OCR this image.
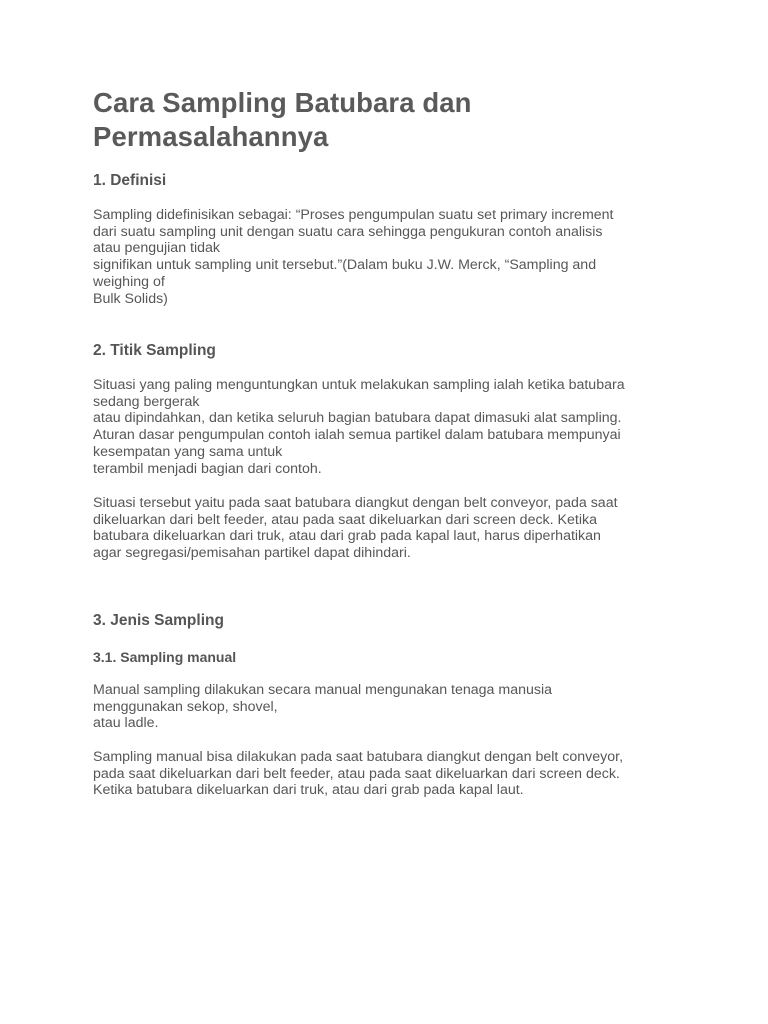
Cara Sampling Batubara dan
Permasalahannya
1. Definisi

Sampling didefinisikan sebagai: “Proses pengumpulan suatu set primary increment
dari suatu sampling unit dengan suatu cara sehingga pengukuran contoh analisis
atau pengujian tidak
signifikan untuk sampling unit tersebut.”(Dalam buku J.W. Merck, “Sampling and
weighing of
Bulk Solids)

2. Titik Sampling

Situasi yang paling menguntungkan untuk melakukan sampling ialah ketika batubara
sedang bergerak
atau dipindahkan, dan ketika seluruh bagian batubara dapat dimasuki alat sampling.
Aturan dasar pengumpulan contoh ialah semua partikel dalam batubara mempunyai
kesempatan yang sama untuk
terambil menjadi bagian dari contoh.

Situasi tersebut yaitu pada saat batubara diangkut dengan belt conveyor, pada saat
dikeluarkan dari belt feeder, atau pada saat dikeluarkan dari screen deck. Ketika
batubara dikeluarkan dari truk, atau dari grab pada kapal laut, harus diperhatikan
agar segregasi/pemisahan partikel dapat dihindari.

3. Jenis Sampling
3.1. Sampling manual

Manual sampling dilakukan secara manual mengunakan tenaga manusia
menggunakan sekop, shovel,
atau ladle.

Sampling manual bisa dilakukan pada saat batubara diangkut dengan belt conveyor,
pada saat dikeluarkan dari belt feeder, atau pada saat dikeluarkan dari screen deck.
Ketika batubara dikeluarkan dari truk, atau dari grab pada kapal laut.
